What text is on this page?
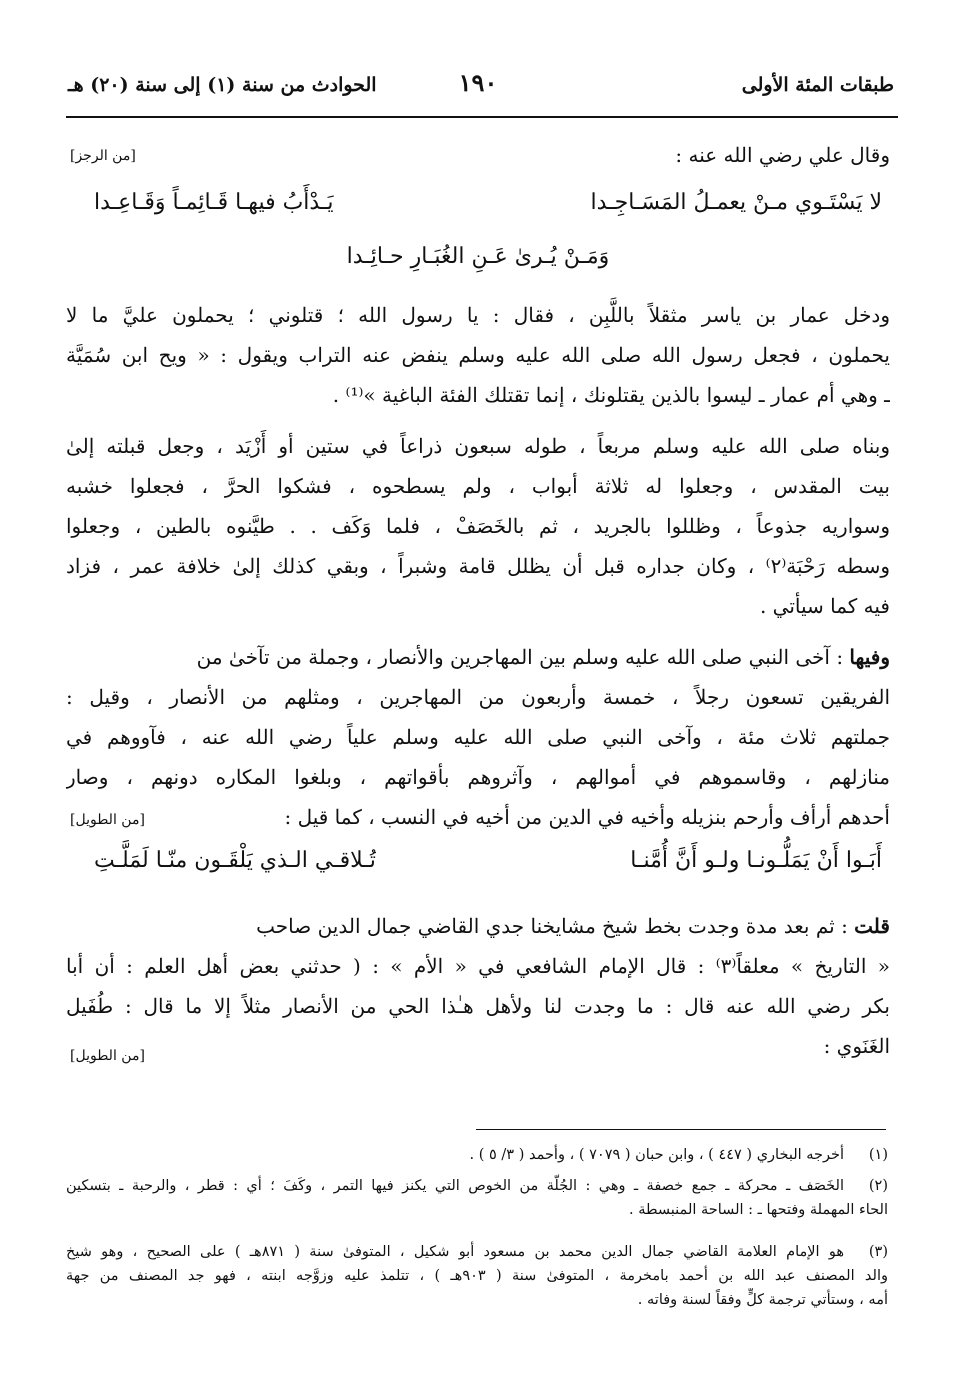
طبقات المئة الأولى
١٩٠
الحوادث من سنة (١) إلى سنة (٢٠) هـ
وقال علي رضي الله عنه :
[من الرجز]
لا يَسْتَـوي مـنْ يعمـلُ المَسَـاجِـدا
يَـدْأَبُ فيهـا قَـائِمـاً وَقَـاعِـدا
وَمَـنْ يُـرىٰ عَـنِ الغُبَـارِ حـائِـدا
ودخل عمار بن ياسر مثقلاً باللَّبِن ، فقال : يا رسول الله ؛ قتلوني ؛ يحملون عليَّ ما لا
يحملون ، فجعل رسول الله صلى الله عليه وسلم ينفض عنه التراب ويقول : « ويح ابن سُمَيَّة
ـ وهي أم عمار ـ ليسوا بالذين يقتلونك ، إنما تقتلك الفئة الباغية »⁽¹⁾ .
وبناه صلى الله عليه وسلم مربعاً ، طوله سبعون ذراعاً في ستين أو أَزْيَد ، وجعل قبلته إلىٰ
بيت المقدس ، وجعلوا له ثلاثة أبواب ، ولم يسطحوه ، فشكوا الحرَّ ، فجعلوا خشبه
وسواريه جذوعاً ، وظللوا بالجريد ، ثم بالخَصَفْ ، فلما وَكَف . . طيَّنوه بالطين ، وجعلوا
وسطه رَحْبَة⁽٢⁾ ، وكان جداره قبل أن يظلل قامة وشبراً ، وبقي كذلك إلىٰ خلافة عمر ، فزاد
فيه كما سيأتي .
وفيها : آخى النبي صلى الله عليه وسلم بين المهاجرين والأنصار ، وجملة من تآخىٰ من
الفريقين تسعون رجلاً ، خمسة وأربعون من المهاجرين ، ومثلهم من الأنصار ، وقيل :
جملتهم ثلاث مئة ، وآخى النبي صلى الله عليه وسلم علياً رضي الله عنه ، فآووهم في
منازلهم ، وقاسموهم في أموالهم ، وآثروهم بأقواتهم ، وبلغوا المكاره دونهم ، وصار
أحدهم أرأف وأرحم بنزيله وأخيه في الدين من أخيه في النسب ، كما قيل :
[من الطويل]
أَبَـوا أَنْ يَمَلُّـونـا ولـو أَنَّ أُمَّنـا
تُـلاقـي الـذي يَلْقَـون منّـا لَمَلَّـتِ
قلت : ثم بعد مدة وجدت بخط شيخ مشايخنا جدي القاضي جمال الدين صاحب
« التاريخ » معلقاً⁽٣⁾ : قال الإمام الشافعي في « الأم » : ( حدثني بعض أهل العلم : أن أبا
بكر رضي الله عنه قال : ما وجدت لنا ولأهل هـٰذا الحي من الأنصار مثلاً إلا ما قال : طُفَيل
الغَنَوي :
[من الطويل]
(١)
أخرجه البخاري ( ٤٤٧ ) ، وابن حبان ( ٧٠٧٩ ) ، وأحمد ( ٣/ ٥ ) .
(٢)
الخَصَف ـ محركة ـ جمع خصفة ـ وهي : الجُلَّة من الخوص التي يكنز فيها التمر ، وكَفَ ؛ أي : قطر ، والرحبة ـ بتسكين
الحاء المهملة وفتحها ـ : الساحة المنبسطة .
(٣)
هو الإمام العلامة القاضي جمال الدين محمد بن مسعود أبو شكيل ، المتوفىٰ سنة ( ٨٧١هـ ) على الصحيح ، وهو شيخ
والد المصنف عبد الله بن أحمد بامخرمة ، المتوفىٰ سنة ( ٩٠٣هـ ) ، تتلمذ عليه وزوَّجه ابنته ، فهو جد المصنف من جهة
أمه ، وستأتي ترجمة كلٍّ وفقاً لسنة وفاته .
